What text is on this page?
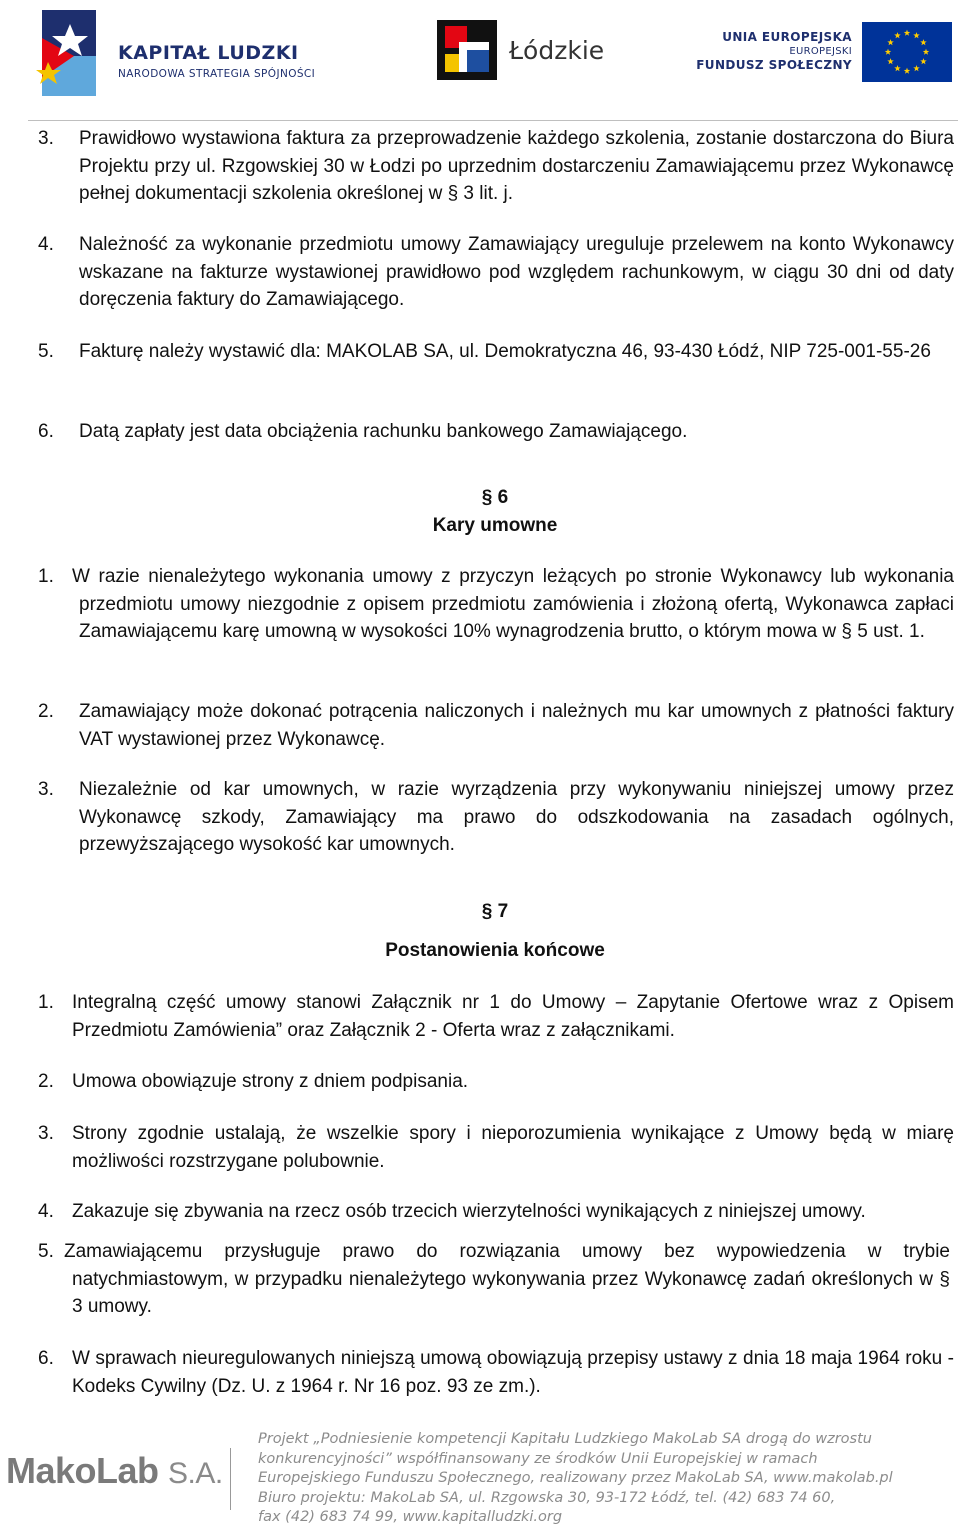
KAPITAŁ LUDZKI
NARODOWA STRATEGIA SPÓJNOŚCI
Łódzkie	UNIA EUROPEJSKA
EUROPEJSKI
FUNDUSZ SPOŁECZNY
3.	Prawidłowo wystawiona faktura za przeprowadzenie każdego szkolenia, zostanie dostarczona do Biura Projektu przy ul. Rzgowskiej 30 w Łodzi po uprzednim dostarczeniu Zamawiającemu przez Wykonawcę pełnej dokumentacji szkolenia określonej w § 3 lit. j.
4.	Należność za wykonanie przedmiotu umowy Zamawiający ureguluje przelewem na konto Wykonawcy wskazane na fakturze wystawionej prawidłowo pod względem rachunkowym, w ciągu 30 dni od daty doręczenia faktury do Zamawiającego.
5.	Fakturę należy wystawić dla: MAKOLAB SA, ul. Demokratyczna 46, 93-430 Łódź, NIP 725-001-55-26
6.	Datą zapłaty jest data obciążenia rachunku bankowego Zamawiającego.
§ 6
Kary umowne
1. W razie nienależytego wykonania umowy z przyczyn leżących po stronie Wykonawcy lub wykonania przedmiotu umowy niezgodnie z opisem przedmiotu zamówienia i złożoną ofertą, Wykonawca zapłaci Zamawiającemu karę umowną w wysokości 10% wynagrodzenia brutto, o którym mowa w § 5 ust. 1.
2.	Zamawiający może dokonać potrącenia naliczonych i należnych mu kar umownych z płatności faktury VAT wystawionej przez Wykonawcę.
3.	Niezależnie od kar umownych, w razie wyrządzenia przy wykonywaniu niniejszej umowy przez Wykonawcę szkody, Zamawiający ma prawo do odszkodowania na zasadach ogólnych, przewyższającego wysokość kar umownych.
§ 7
Postanowienia końcowe
1. Integralną część umowy stanowi Załącznik nr 1 do Umowy – Zapytanie Ofertowe wraz z Opisem Przedmiotu Zamówienia” oraz Załącznik 2 - Oferta wraz z załącznikami.
2. Umowa obowiązuje strony z dniem podpisania.
3. Strony zgodnie ustalają, że wszelkie spory i nieporozumienia wynikające z Umowy będą w miarę możliwości rozstrzygane polubownie.
4. Zakazuje się zbywania na rzecz osób trzecich wierzytelności wynikających z niniejszej umowy.
5. Zamawiającemu przysługuje prawo do rozwiązania umowy bez wypowiedzenia w trybie natychmiastowym, w przypadku nienależytego wykonywania przez Wykonawcę zadań określonych w § 3 umowy.
6. W sprawach nieuregulowanych niniejszą umową obowiązują przepisy ustawy z dnia 18 maja 1964 roku - Kodeks Cywilny (Dz. U. z 1964 r. Nr 16 poz. 93 ze zm.).
MakoLab S.A.
Projekt „Podniesienie kompetencji Kapitału Ludzkiego MakoLab SA drogą do wzrostu
konkurencyjności” współfinansowany ze środków Unii Europejskiej w ramach
Europejskiego Funduszu Społecznego, realizowany przez MakoLab SA, www.makolab.pl
Biuro projektu: MakoLab SA, ul. Rzgowska 30, 93-172 Łódź, tel. (42) 683 74 60,
fax (42) 683 74 99, www.kapitalludzki.org
